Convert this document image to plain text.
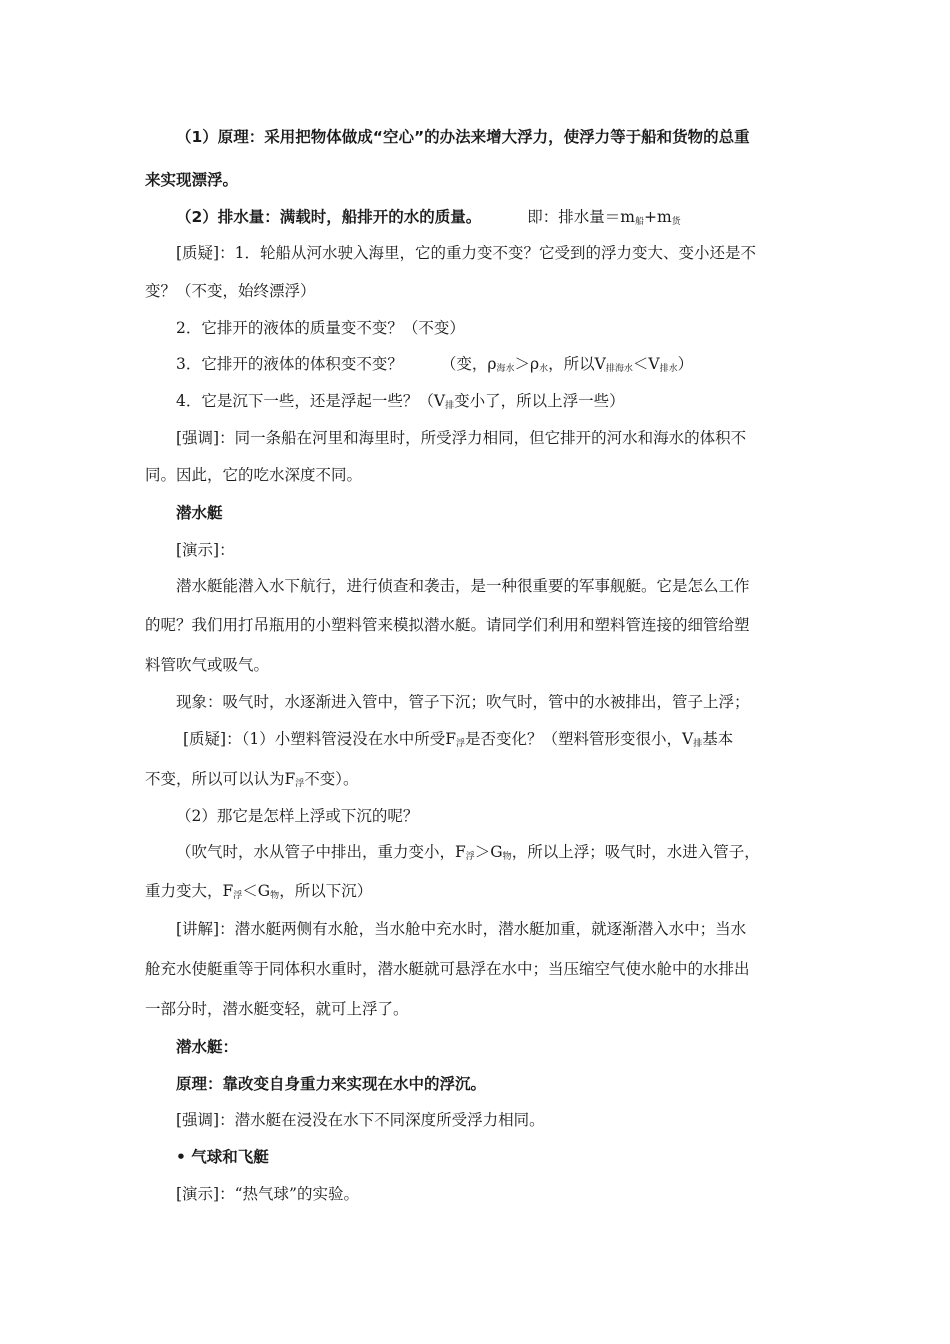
（1）原理：采用把物体做成“空心”的办法来增大浮力，使浮力等于船和货物的总重
来实现漂浮。
（2）排水量：满载时，船排开的水的质量。	即：排水量$=m_船+m_货$
[质疑]：1．轮船从河水驶入海里，它的重力变不变？它受到的浮力变大、变小还是不
变？（不变，始终漂浮）
2．它排开的液体的质量变不变？（不变）
3．它排开的液体的体积变不变？ （变，$\rho_{海水}>\rho_水$，所以$V_{排海水}<V_{排水}$）
4．它是沉下一些，还是浮起一些？（$V_排$变小了，所以上浮一些）
[强调]：同一条船在河里和海里时，所受浮力相同，但它排开的河水和海水的体积不
同。因此，它的吃水深度不同。
潜水艇
[演示]：
潜水艇能潜入水下航行，进行侦查和袭击，是一种很重要的军事舰艇。它是怎么工作
的呢？我们用打吊瓶用的小塑料管来模拟潜水艇。请同学们利用和塑料管连接的细管给塑
料管吹气或吸气。
现象：吸气时，水逐渐进入管中，管子下沉；吹气时，管中的水被排出，管子上浮；
[质疑]：（1）小塑料管浸没在水中所受$F_浮$是否变化？（塑料管形变很小，$V_排$基本
不变，所以可以认为$F_浮$不变）。
（2）那它是怎样上浮或下沉的呢？
（吹气时，水从管子中排出，重力变小，$F_浮>G_物$，所以上浮；吸气时，水进入管子，
重力变大，$F_浮<G_物$，所以下沉）
[讲解]：潜水艇两侧有水舱，当水舱中充水时，潜水艇加重，就逐渐潜入水中；当水
舱充水使艇重等于同体积水重时，潜水艇就可悬浮在水中；当压缩空气使水舱中的水排出
一部分时，潜水艇变轻，就可上浮了。
潜水艇：
原理：靠改变自身重力来实现在水中的浮沉。
[强调]：潜水艇在浸没在水下不同深度所受浮力相同。
• 气球和飞艇
[演示]：“热气球”的实验。
